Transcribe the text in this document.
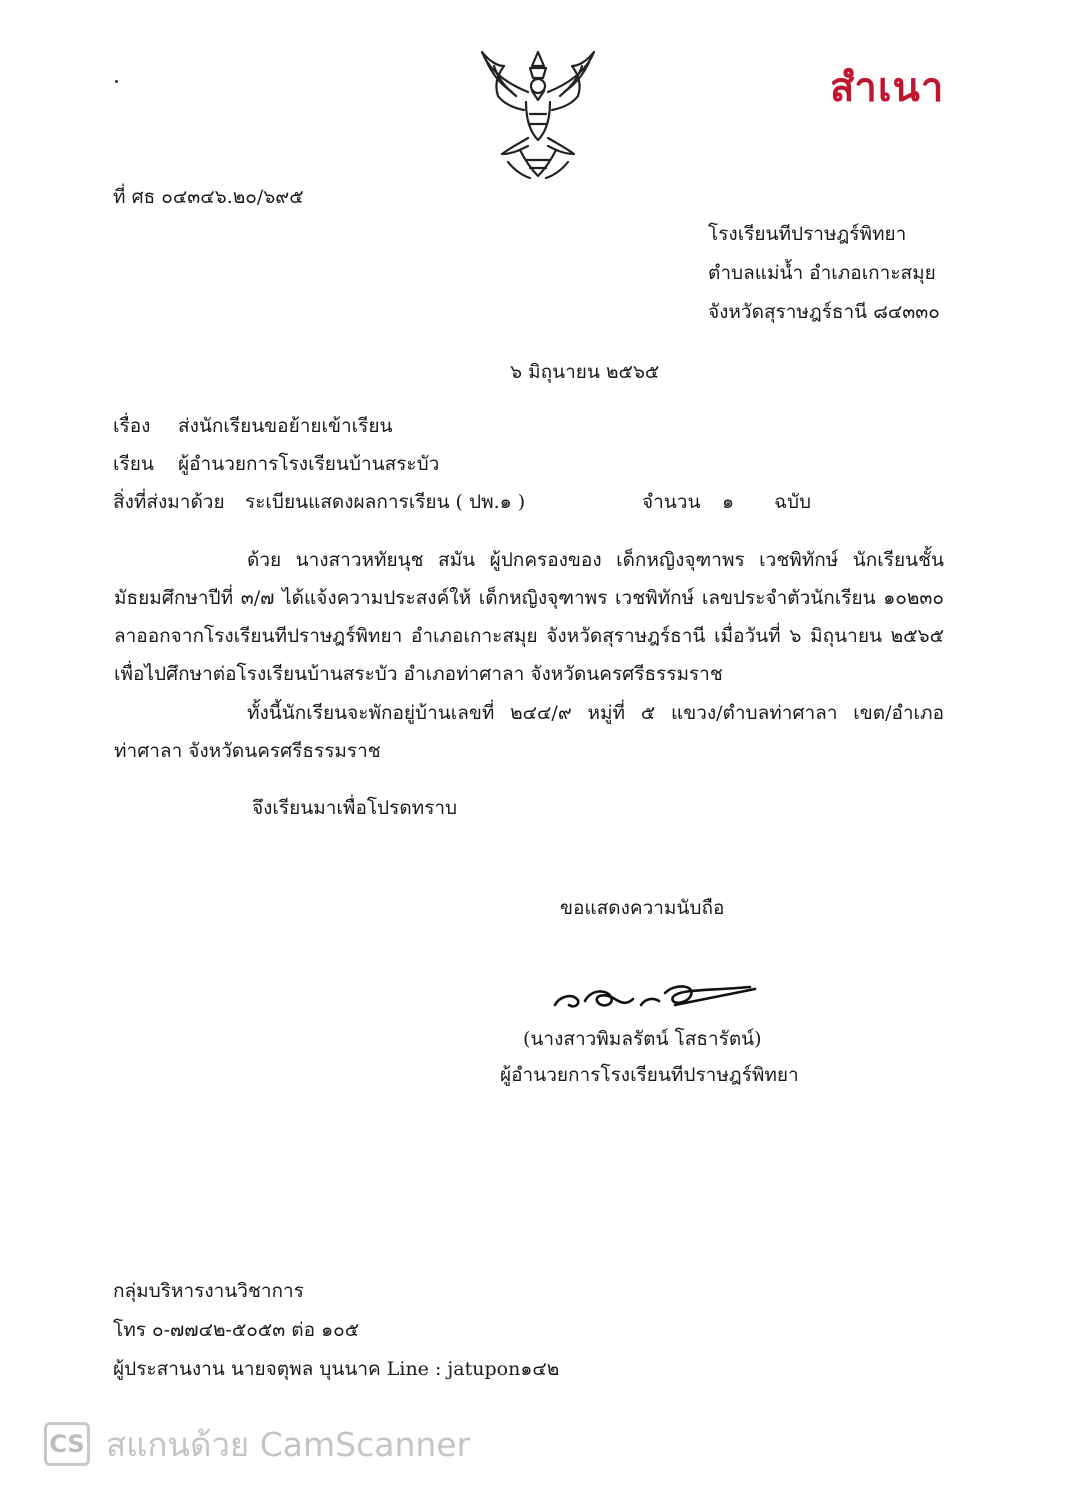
สำเนา
ที่ ศธ ๐๔๓๔๖.๒๐/๖๙๕
โรงเรียนทีปราษฎร์พิทยา
ตำบลแม่น้ำ อำเภอเกาะสมุย
จังหวัดสุราษฎร์ธานี ๘๔๓๓๐
๖ มิถุนายน ๒๕๖๕
เรื่อง ส่งนักเรียนขอย้ายเข้าเรียน
เรียน ผู้อำนวยการโรงเรียนบ้านสระบัว
สิ่งที่ส่งมาด้วย ระเบียนแสดงผลการเรียน ( ปพ.๑ )	จำนวน ๑ ฉบับ
ด้วย นางสาวหทัยนุช สมัน ผู้ปกครองของ เด็กหญิงจุฑาพร เวชพิทักษ์ นักเรียนชั้น
มัธยมศึกษาปีที่ ๓/๗ ได้แจ้งความประสงค์ให้ เด็กหญิงจุฑาพร เวชพิทักษ์ เลขประจำตัวนักเรียน ๑๐๒๓๐
ลาออกจากโรงเรียนทีปราษฎร์พิทยา อำเภอเกาะสมุย จังหวัดสุราษฎร์ธานี เมื่อวันที่ ๖ มิถุนายน ๒๕๖๕
เพื่อไปศึกษาต่อโรงเรียนบ้านสระบัว อำเภอท่าศาลา จังหวัดนครศรีธรรมราช
ทั้งนี้นักเรียนจะพักอยู่บ้านเลขที่ ๒๔๔/๙ หมู่ที่ ๕ แขวง/ตำบลท่าศาลา เขต/อำเภอ
ท่าศาลา จังหวัดนครศรีธรรมราช
จึงเรียนมาเพื่อโปรดทราบ
ขอแสดงความนับถือ
(นางสาวพิมลรัตน์ โสธารัตน์)
ผู้อำนวยการโรงเรียนทีปราษฎร์พิทยา
กลุ่มบริหารงานวิชาการ
โทร ๐-๗๗๔๒-๕๐๕๓ ต่อ ๑๐๕
ผู้ประสานงาน นายจตุพล บุนนาค Line : jatupon๑๔๒
CS สแกนด้วย CamScanner
